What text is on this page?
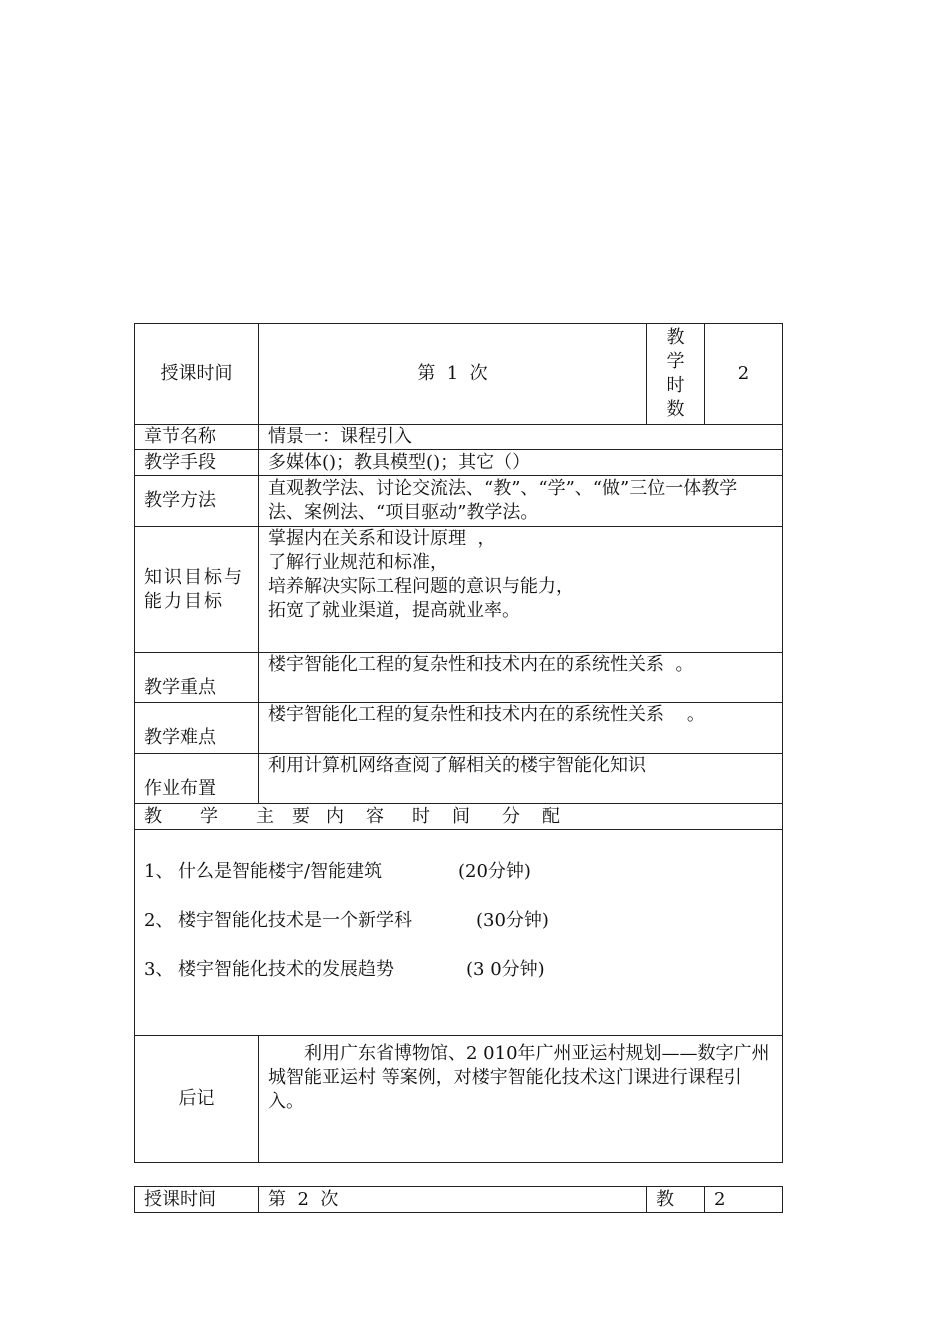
授课时间	第  1  次	教
学
时
数	2
章节名称	情景一：课程引入		
教学手段	多媒体()；教具模型()；其它（）		
教学方法	直观教学法、讨论交流法、“教”、“学”、“做”三位一体教学法、案例法、“项目驱动”教学法。		
知识目标与能力目标	掌握内在关系和设计原理  ，
了解行业规范和标准，
培养解决实际工程问题的意识与能力，
拓宽了就业渠道，提高就业率。		

教学重点	楼宇智能化工程的复杂性和技术内在的系统性关系  。		
教学难点	楼宇智能化工程的复杂性和技术内在的系统性关系    。		
作业布置	利用计算机网络查阅了解相关的楼宇智能化知识		
教 学 主 要 内 容 时 间 分 配			

1、 什么是智能楼宇/智能建筑 (20分钟)
2、 楼宇智能化技术是一个新学科 (30分钟)
3、 楼宇智能化技术的发展趋势 (3 0分钟)			

后记	利用广东省博物馆、2 010年广州亚运村规划——数字广州城智能亚运村 等案例，对楼宇智能化技术这门课进行课程引入。		
授课时间	第  2  次	教	2
